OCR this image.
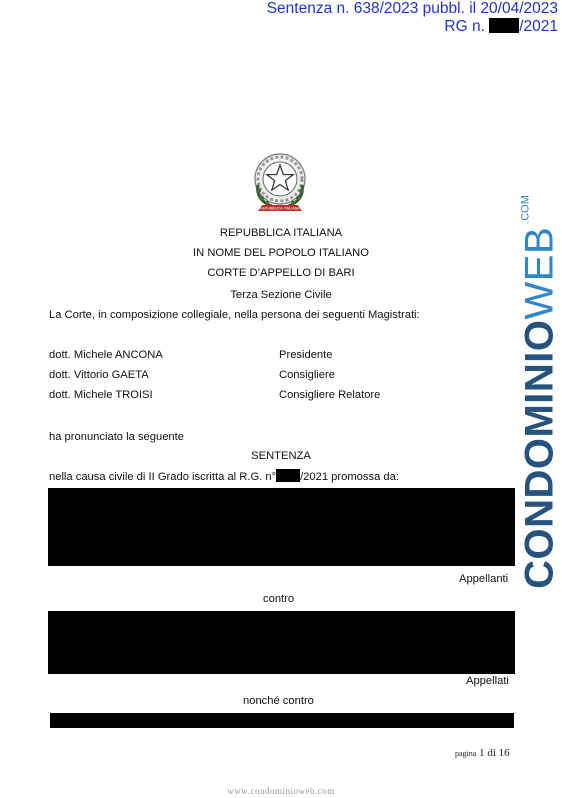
Sentenza n. 638/2023 pubbl. il 20/04/2023
RG n. /2021
REPUBBLICA ITALIANA
REPUBBLICA ITALIANA
IN NOME DEL POPOLO ITALIANO
CORTE D’APPELLO DI BARI
Terza Sezione Civile
La Corte, in composizione collegiale, nella persona dei seguenti Magistrati:
dott. Michele ANCONA	Presidente
dott. Vittorio GAETA	Consigliere
dott. Michele TROISI	Consigliere Relatore
ha pronunciato la seguente
SENTENZA
nella causa civile di II Grado iscritta al R.G. n° /2021 promossa da:
Appellanti
contro
Appellati
nonché contro
pagina 1 di 16
www.condominioweb.com
CONDOMINIO
WEB
.COM
